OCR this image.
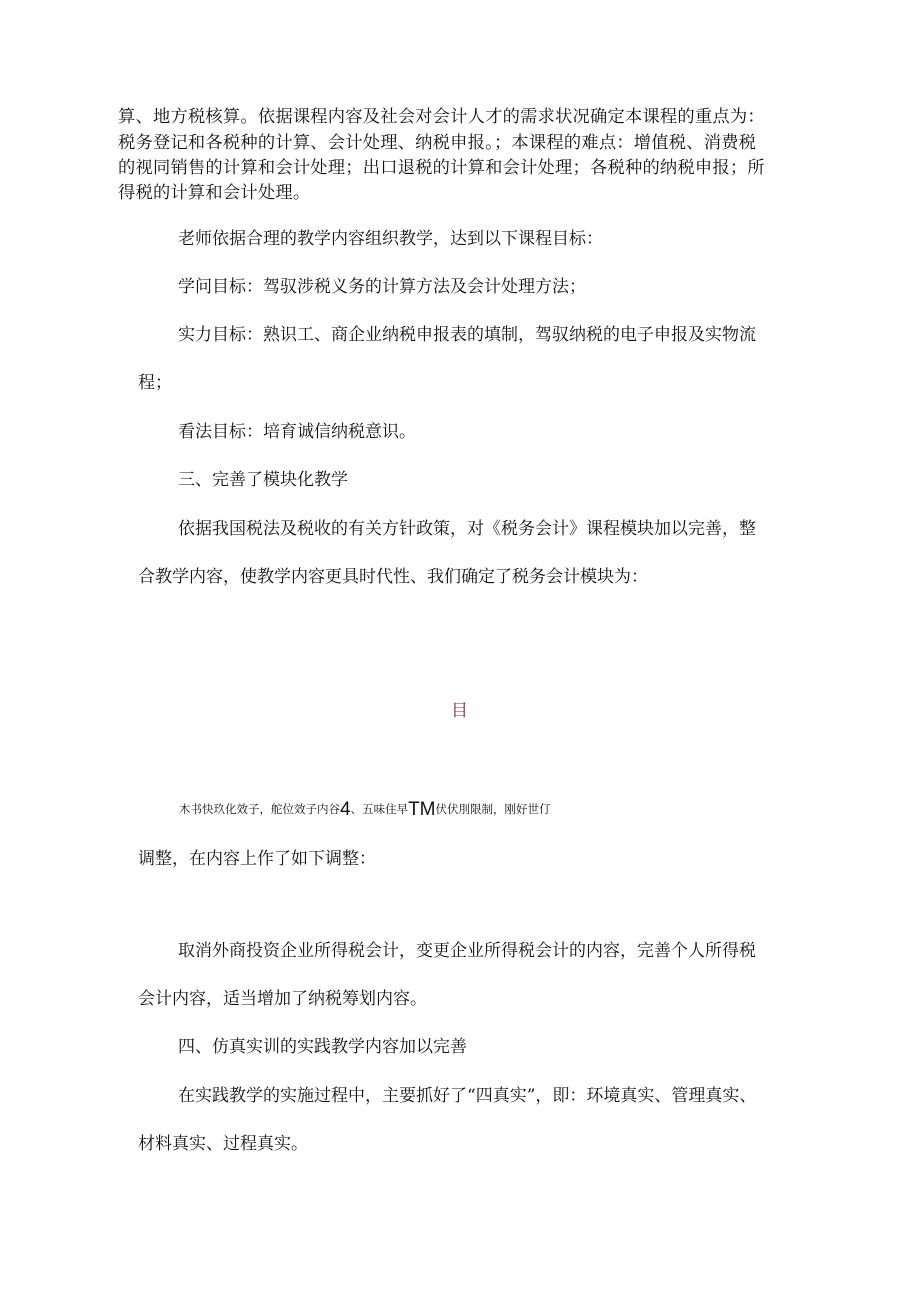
算、地方税核算。依据课程内容及社会对会计人才的需求状况确定本课程的重点为：
税务登记和各税种的计算、会计处理、纳税申报。；本课程的难点：增值税、消费税
的视同销售的计算和会计处理；出口退税的计算和会计处理；各税种的纳税申报；所
得税的计算和会计处理。
老师依据合理的教学内容组织教学，达到以下课程目标：
学问目标：驾驭涉税义务的计算方法及会计处理方法；
实力目标：熟识工、商企业纳税申报表的填制，驾驭纳税的电子申报及实物流
程；
看法目标：培育诚信纳税意识。
三、完善了模块化教学
依据我国税法及税收的有关方针政策，对《税务会计》课程模块加以完善，整
合教学内容，使教学内容更具时代性、我们确定了税务会计模块为：
目
木书快玖化效子，舵位效子内谷4、五味住早TM伏伏刖限制，刚好世仃
调整，在内容上作了如下调整：
取消外商投资企业所得税会计，变更企业所得税会计的内容，完善个人所得税
会计内容，适当增加了纳税筹划内容。
四、仿真实训的实践教学内容加以完善
在实践教学的实施过程中，主要抓好了“四真实”，即：环境真实、管理真实、
材料真实、过程真实。
